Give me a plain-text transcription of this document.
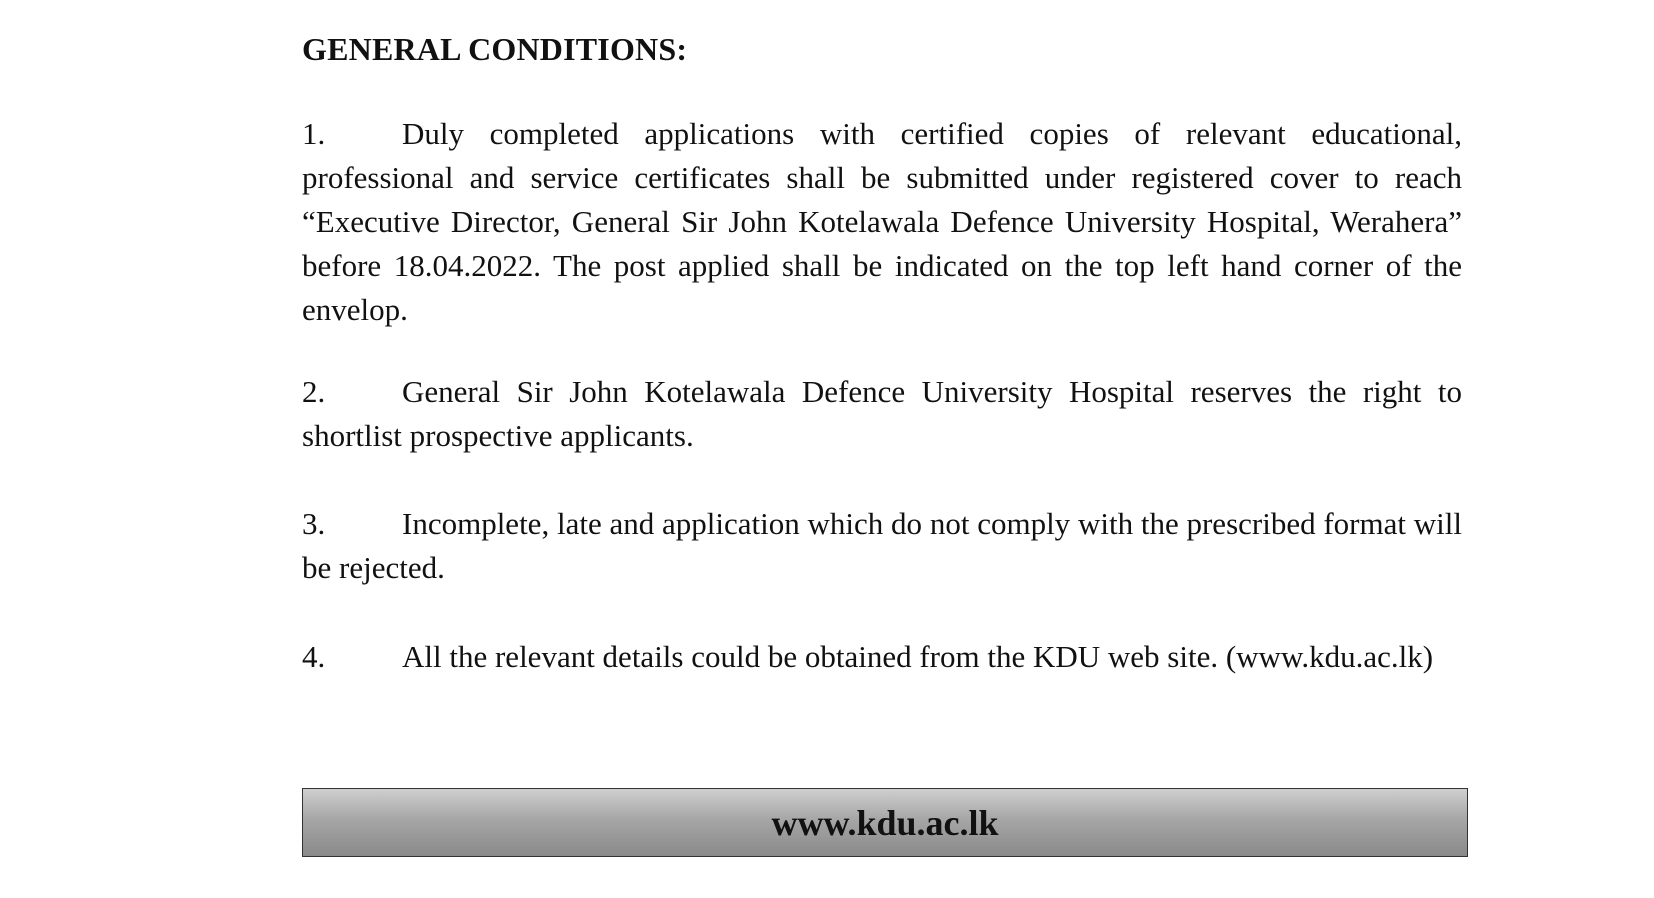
GENERAL CONDITIONS:

1. Duly completed applications with certified copies of relevant educational, professional and service certificates shall be submitted under registered cover to reach “Executive Director, General Sir John Kotelawala Defence University Hospital, Werahera” before 18.04.2022. The post applied shall be indicated on the top left hand corner of the envelop.

2. General Sir John Kotelawala Defence University Hospital reserves the right to shortlist prospective applicants.

3. Incomplete, late and application which do not comply with the prescribed format will be rejected.

4. All the relevant details could be obtained from the KDU web site. (www.kdu.ac.lk)

www.kdu.ac.lk
